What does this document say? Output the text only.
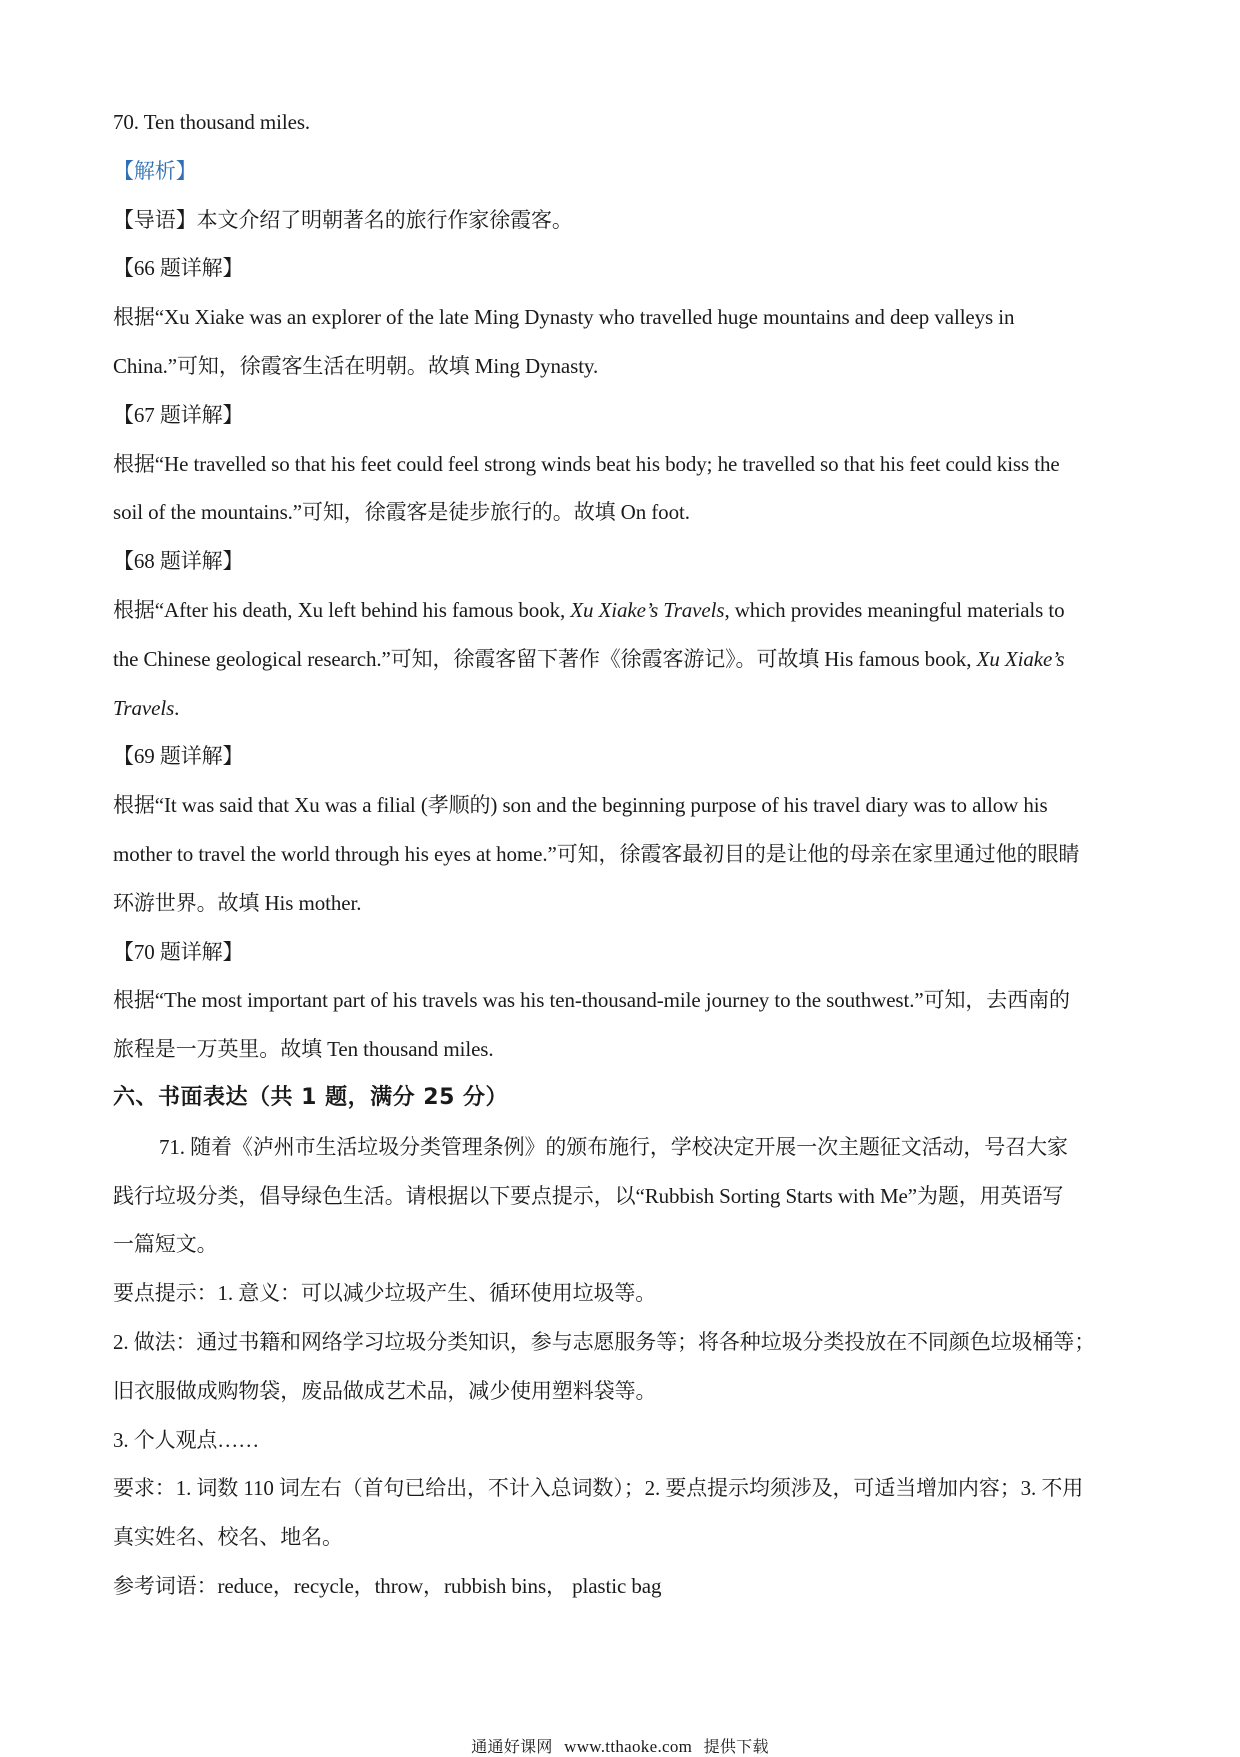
70. Ten thousand miles.
【解析】
【导语】本文介绍了明朝著名的旅行作家徐霞客。
【66 题详解】
根据“Xu Xiake was an explorer of the late Ming Dynasty who travelled huge mountains and deep valleys in
China.”可知，徐霞客生活在明朝。故填 Ming Dynasty.
【67 题详解】
根据“He travelled so that his feet could feel strong winds beat his body; he travelled so that his feet could kiss the
soil of the mountains.”可知，徐霞客是徒步旅行的。故填 On foot.
【68 题详解】
根据“After his death, Xu left behind his famous book, Xu Xiake’s Travels, which provides meaningful materials to
the Chinese geological research.”可知，徐霞客留下著作《徐霞客游记》。可故填 His famous book, Xu Xiake’s
Travels.
【69 题详解】
根据“It was said that Xu was a filial (孝顺的) son and the beginning purpose of his travel diary was to allow his
mother to travel the world through his eyes at home.”可知，徐霞客最初目的是让他的母亲在家里通过他的眼睛
环游世界。故填 His mother.
【70 题详解】
根据“The most important part of his travels was his ten-thousand-mile journey to the southwest.”可知，去西南的
旅程是一万英里。故填 Ten thousand miles.
六、书面表达（共 1 题，满分 25 分）
71. 随着《泸州市生活垃圾分类管理条例》的颁布施行，学校决定开展一次主题征文活动，号召大家
践行垃圾分类，倡导绿色生活。请根据以下要点提示，以“Rubbish Sorting Starts with Me”为题，用英语写
一篇短文。
要点提示：1. 意义：可以减少垃圾产生、循环使用垃圾等。
2. 做法：通过书籍和网络学习垃圾分类知识，参与志愿服务等；将各种垃圾分类投放在不同颜色垃圾桶等；
旧衣服做成购物袋，废品做成艺术品，减少使用塑料袋等。
3. 个人观点……
要求：1. 词数 110 词左右（首句已给出，不计入总词数）；2. 要点提示均须涉及，可适当增加内容；3. 不用
真实姓名、校名、地名。
参考词语：reduce，recycle，throw，rubbish bins， plastic bag
通通好课网 www.tthaoke.com 提供下载
